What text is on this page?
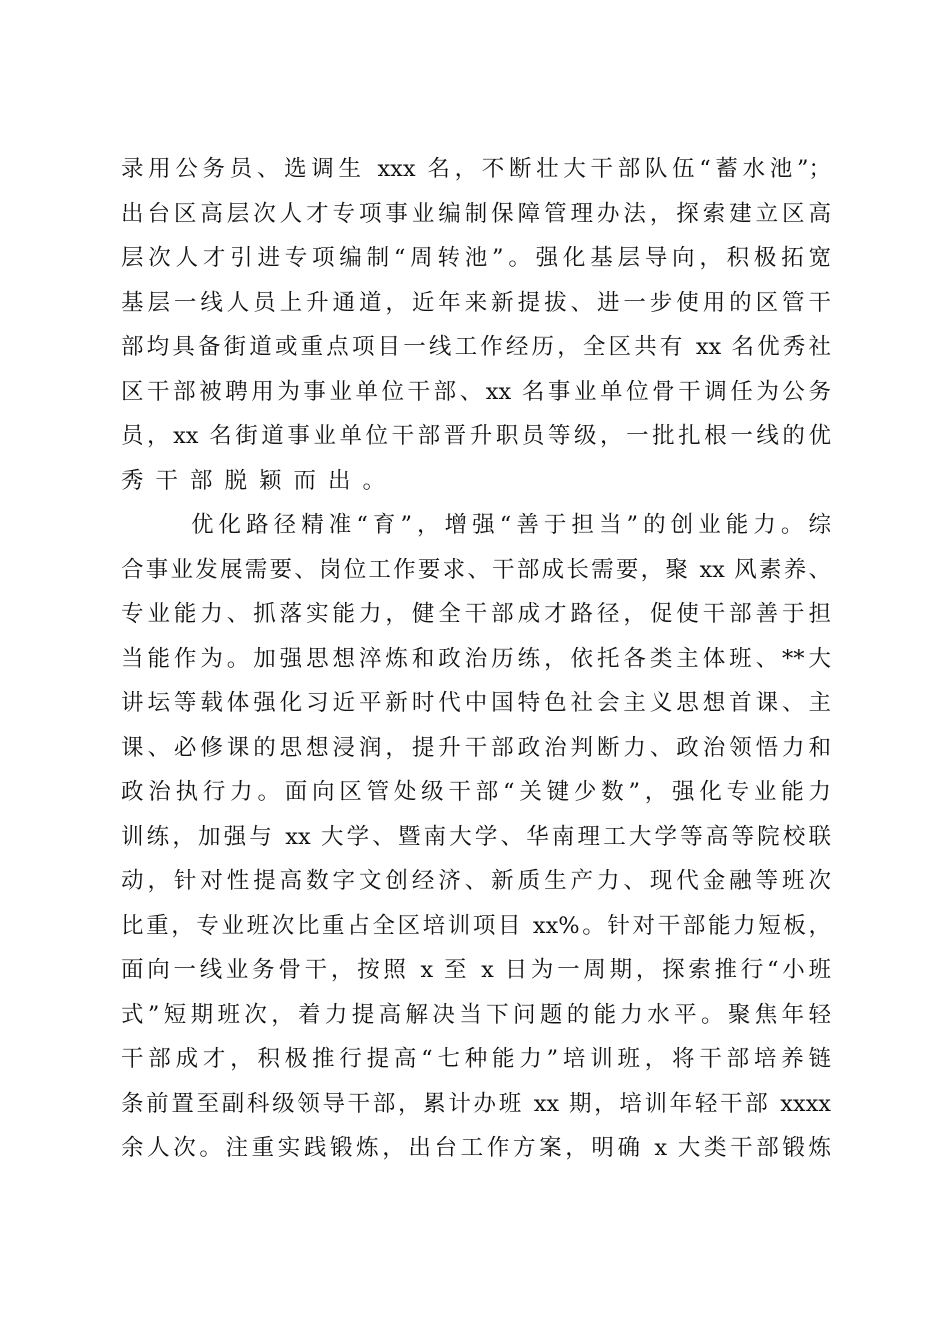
录用公务员、选调生 xxx 名，不断壮大干部队伍“蓄水池”；
出台区高层次人才专项事业编制保障管理办法，探索建立区高
层次人才引进专项编制“周转池”。强化基层导向，积极拓宽
基层一线人员上升通道，近年来新提拔、进一步使用的区管干
部均具备街道或重点项目一线工作经历，全区共有 xx 名优秀社
区干部被聘用为事业单位干部、xx 名事业单位骨干调任为公务
员，xx 名街道事业单位干部晋升职员等级，一批扎根一线的优
秀干部脱颖而出。
优化路径精准“育”，增强“善于担当”的创业能力。综
合事业发展需要、岗位工作要求、干部成长需要，聚 xx 风素养、
专业能力、抓落实能力，健全干部成才路径，促使干部善于担
当能作为。加强思想淬炼和政治历练，依托各类主体班、**大
讲坛等载体强化习近平新时代中国特色社会主义思想首课、主
课、必修课的思想浸润，提升干部政治判断力、政治领悟力和
政治执行力。面向区管处级干部“关键少数”，强化专业能力
训练，加强与 xx 大学、暨南大学、华南理工大学等高等院校联
动，针对性提高数字文创经济、新质生产力、现代金融等班次
比重，专业班次比重占全区培训项目 xx%。针对干部能力短板，
面向一线业务骨干，按照 x 至 x 日为一周期，探索推行“小班
式”短期班次，着力提高解决当下问题的能力水平。聚焦年轻
干部成才，积极推行提高“七种能力”培训班，将干部培养链
条前置至副科级领导干部，累计办班 xx 期，培训年轻干部 xxxx
余人次。注重实践锻炼，出台工作方案，明确 x 大类干部锻炼
